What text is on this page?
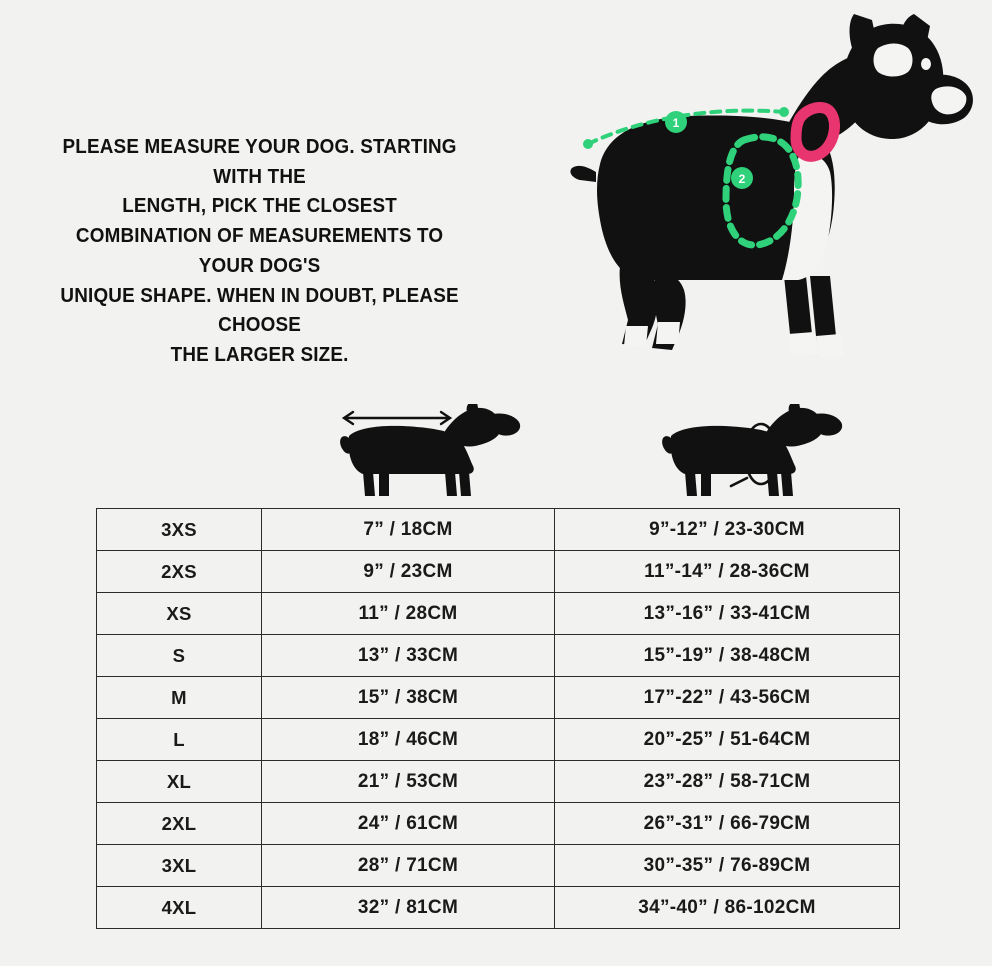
PLEASE MEASURE YOUR DOG. STARTING WITH THE
LENGTH, PICK THE CLOSEST
COMBINATION OF MEASUREMENTS TO YOUR DOG'S
UNIQUE SHAPE. WHEN IN DOUBT, PLEASE CHOOSE
THE LARGER SIZE.
1
2
3XS	7” / 18CM	9”-12” / 23-30CM
2XS	9” / 23CM	11”-14” / 28-36CM
XS	11” / 28CM	13”-16” / 33-41CM
S	13” / 33CM	15”-19” / 38-48CM
M	15” / 38CM	17”-22” / 43-56CM
L	18” / 46CM	20”-25” / 51-64CM
XL	21” / 53CM	23”-28” / 58-71CM
2XL	24” / 61CM	26”-31” / 66-79CM
3XL	28” / 71CM	30”-35” / 76-89CM
4XL	32” / 81CM	34”-40” / 86-102CM
